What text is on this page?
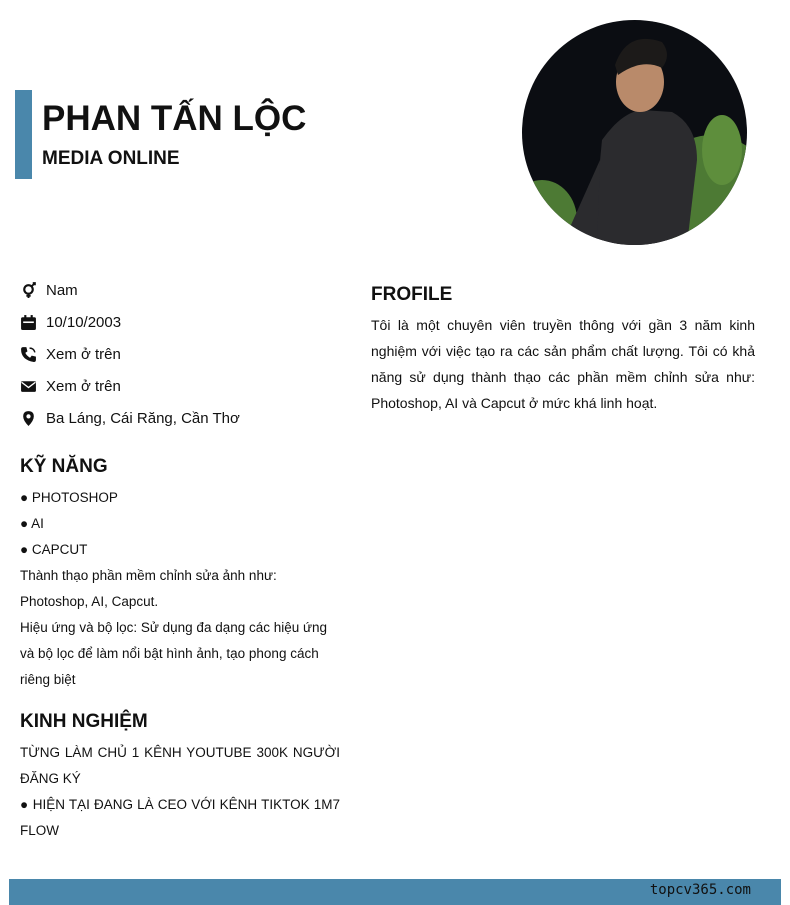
PHAN TẤN LỘC
MEDIA ONLINE
Nam
10/10/2003
Xem ở trên
Xem ở trên
Ba Láng, Cái Răng, Cần Thơ
KỸ NĂNG
● PHOTOSHOP
● AI
● CAPCUT
Thành thạo phần mềm chỉnh sửa ảnh như: Photoshop, AI, Capcut.
Hiệu ứng và bộ lọc: Sử dụng đa dạng các hiệu ứng và bộ lọc để làm nổi bật hình ảnh, tạo phong cách riêng biệt
KINH NGHIỆM
TỪNG LÀM CHỦ 1 KÊNH YOUTUBE 300K NGƯỜI ĐĂNG KÝ
● HIỆN TẠI ĐANG LÀ CEO VỚI KÊNH TIKTOK 1M7 FLOW
FROFILE
Tôi là một chuyên viên truyền thông với gần 3 năm kinh nghiệm với việc tạo ra các sản phẩm chất lượng. Tôi có khả năng sử dụng thành thạo các phần mềm chỉnh sửa như: Photoshop, AI và Capcut ở mức khá linh hoạt.
topcv365.com
